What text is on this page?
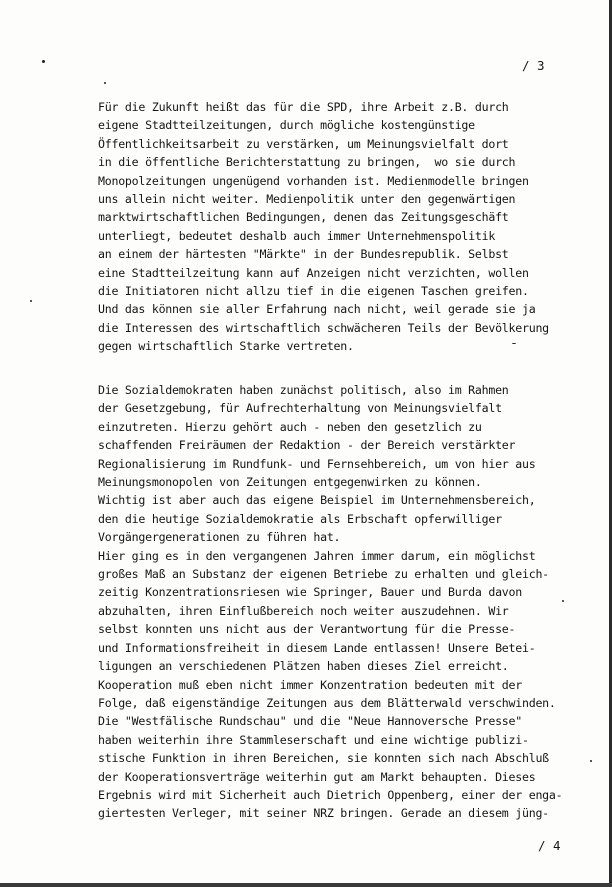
/ 3
Für die Zukunft heißt das für die SPD, ihre Arbeit z.B. durch
eigene Stadtteilzeitungen, durch mögliche kostengünstige
Öffentlichkeitsarbeit zu verstärken, um Meinungsvielfalt dort
in die öffentliche Berichterstattung zu bringen,  wo sie durch
Monopolzeitungen ungenügend vorhanden ist. Medienmodelle bringen
uns allein nicht weiter. Medienpolitik unter den gegenwärtigen
marktwirtschaftlichen Bedingungen, denen das Zeitungsgeschäft
unterliegt, bedeutet deshalb auch immer Unternehmenspolitik
an einem der härtesten "Märkte" in der Bundesrepublik. Selbst
eine Stadtteilzeitung kann auf Anzeigen nicht verzichten, wollen
die Initiatoren nicht allzu tief in die eigenen Taschen greifen.
Und das können sie aller Erfahrung nach nicht, weil gerade sie ja
die Interessen des wirtschaftlich schwächeren Teils der Bevölkerung
gegen wirtschaftlich Starke vertreten.
Die Sozialdemokraten haben zunächst politisch, also im Rahmen
der Gesetzgebung, für Aufrechterhaltung von Meinungsvielfalt
einzutreten. Hierzu gehört auch - neben den gesetzlich zu
schaffenden Freiräumen der Redaktion - der Bereich verstärkter
Regionalisierung im Rundfunk- und Fernsehbereich, um von hier aus
Meinungsmonopolen von Zeitungen entgegenwirken zu können.
Wichtig ist aber auch das eigene Beispiel im Unternehmensbereich,
den die heutige Sozialdemokratie als Erbschaft opferwilliger
Vorgängergenerationen zu führen hat.
Hier ging es in den vergangenen Jahren immer darum, ein möglichst
großes Maß an Substanz der eigenen Betriebe zu erhalten und gleich-
zeitig Konzentrationsriesen wie Springer, Bauer und Burda davon
abzuhalten, ihren Einflußbereich noch weiter auszudehnen. Wir
selbst konnten uns nicht aus der Verantwortung für die Presse-
und Informationsfreiheit in diesem Lande entlassen! Unsere Betei-
ligungen an verschiedenen Plätzen haben dieses Ziel erreicht.
Kooperation muß eben nicht immer Konzentration bedeuten mit der
Folge, daß eigenständige Zeitungen aus dem Blätterwald verschwinden.
Die "Westfälische Rundschau" und die "Neue Hannoversche Presse"
haben weiterhin ihre Stammleserschaft und eine wichtige publizi-
stische Funktion in ihren Bereichen, sie konnten sich nach Abschluß
der Kooperationsverträge weiterhin gut am Markt behaupten. Dieses
Ergebnis wird mit Sicherheit auch Dietrich Oppenberg, einer der enga-
giertesten Verleger, mit seiner NRZ bringen. Gerade an diesem jüng-
/ 4
